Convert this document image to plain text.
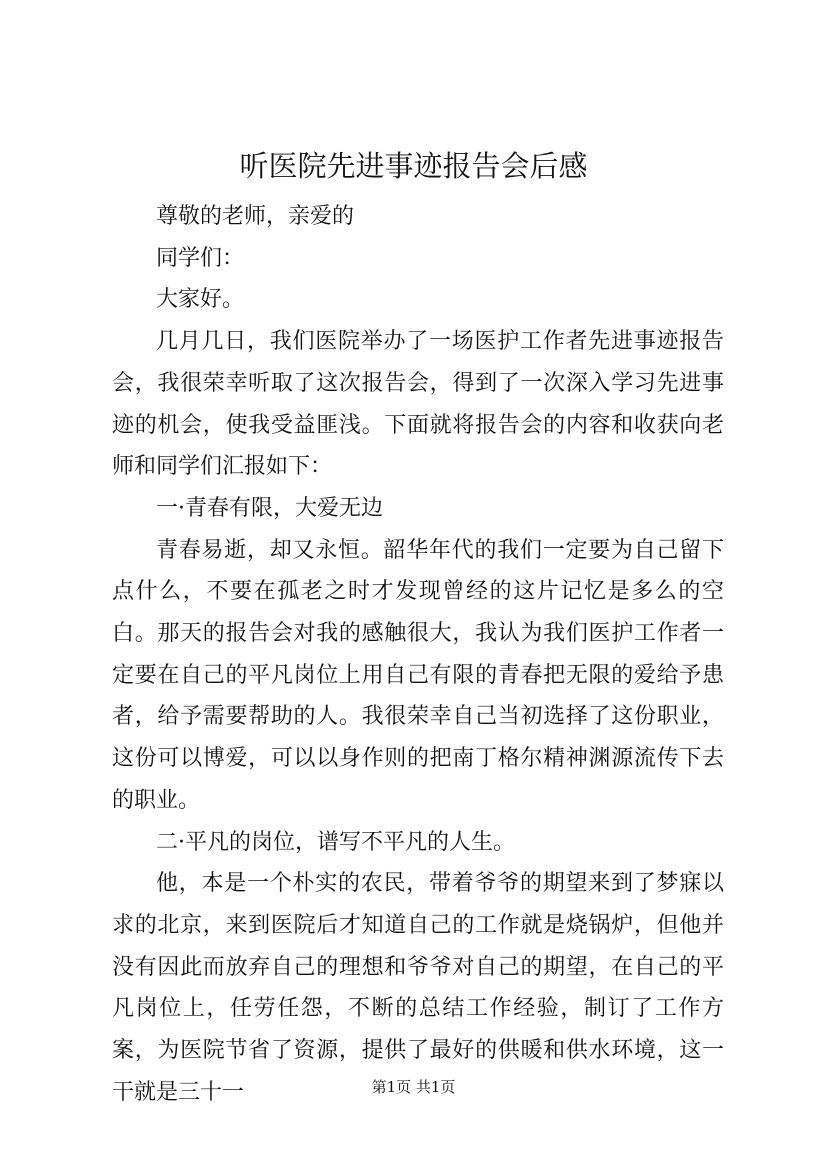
听医院先进事迹报告会后感

尊敬的老师，亲爱的

同学们：

大家好。

几月几日，我们医院举办了一场医护工作者先进事迹报告会，我很荣幸听取了这次报告会，得到了一次深入学习先进事迹的机会，使我受益匪浅。下面就将报告会的内容和收获向老师和同学们汇报如下：

一·青春有限，大爱无边

青春易逝，却又永恒。韶华年代的我们一定要为自己留下点什么，不要在孤老之时才发现曾经的这片记忆是多么的空白。那天的报告会对我的感触很大，我认为我们医护工作者一定要在自己的平凡岗位上用自己有限的青春把无限的爱给予患者，给予需要帮助的人。我很荣幸自己当初选择了这份职业，这份可以博爱，可以以身作则的把南丁格尔精神渊源流传下去的职业。

二·平凡的岗位，谱写不平凡的人生。

他，本是一个朴实的农民，带着爷爷的期望来到了梦寐以求的北京，来到医院后才知道自己的工作就是烧锅炉，但他并没有因此而放弃自己的理想和爷爷对自己的期望，在自己的平凡岗位上，任劳任怨，不断的总结工作经验，制订了工作方案，为医院节省了资源，提供了最好的供暖和供水环境，这一干就是三十一	第1页 共1页
